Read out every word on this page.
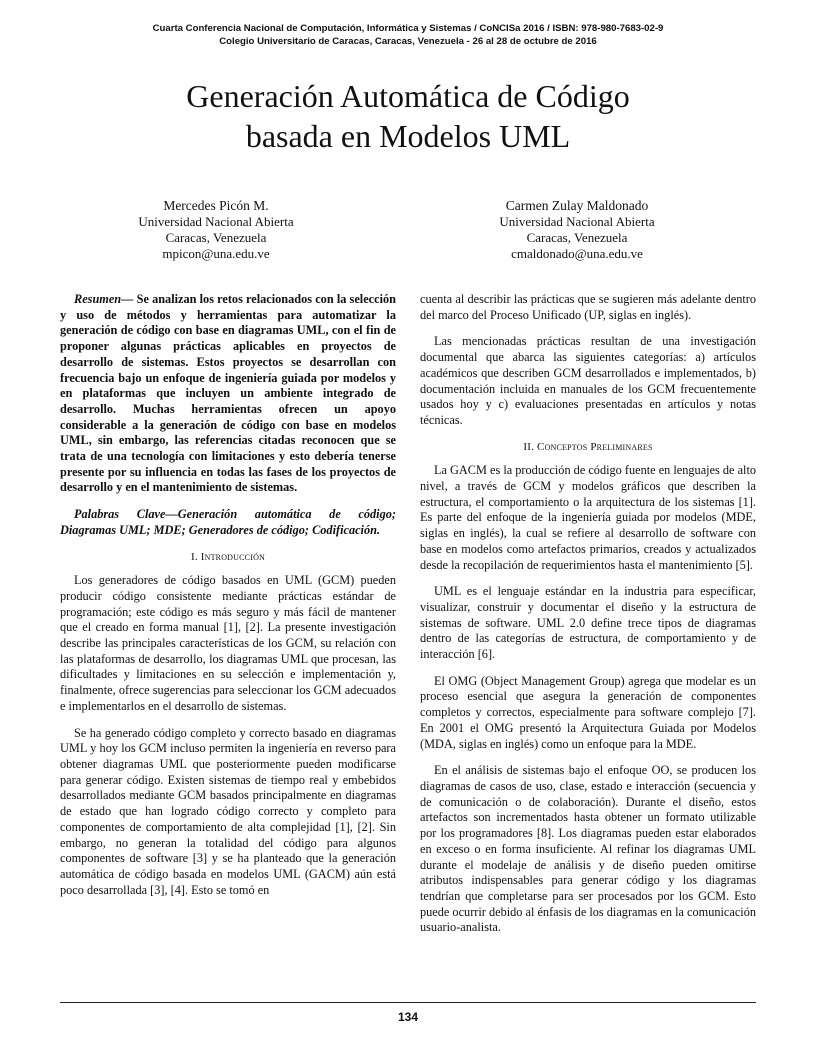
Cuarta Conferencia Nacional de Computación, Informática y Sistemas / CoNCISa 2016 / ISBN: 978-980-7683-02-9
Colegio Universitario de Caracas, Caracas, Venezuela - 26 al 28 de octubre de 2016
Generación Automática de Código
basada en Modelos UML
Mercedes Picón M.
Universidad Nacional Abierta
Caracas, Venezuela
mpicon@una.edu.ve
Carmen Zulay Maldonado
Universidad Nacional Abierta
Caracas, Venezuela
cmaldonado@una.edu.ve

Resumen— Se analizan los retos relacionados con la selección y uso de métodos y herramientas para automatizar la generación de código con base en diagramas UML, con el fin de proponer algunas prácticas aplicables en proyectos de desarrollo de sistemas. Estos proyectos se desarrollan con frecuencia bajo un enfoque de ingeniería guiada por modelos y en plataformas que incluyen un ambiente integrado de desarrollo. Muchas herramientas ofrecen un apoyo considerable a la generación de código con base en modelos UML, sin embargo, las referencias citadas reconocen que se trata de una tecnología con limitaciones y esto debería tenerse presente por su influencia en todas las fases de los proyectos de desarrollo y en el mantenimiento de sistemas.

Palabras Clave—Generación automática de código; Diagramas UML; MDE; Generadores de código; Codificación.

I. Introducción

Los generadores de código basados en UML (GCM) pueden producir código consistente mediante prácticas estándar de programación; este código es más seguro y más fácil de mantener que el creado en forma manual [1], [2]. La presente investigación describe las principales características de los GCM, su relación con las plataformas de desarrollo, los diagramas UML que procesan, las dificultades y limitaciones en su selección e implementación y, finalmente, ofrece sugerencias para seleccionar los GCM adecuados e implementarlos en el desarrollo de sistemas.

Se ha generado código completo y correcto basado en diagramas UML y hoy los GCM incluso permiten la ingeniería en reverso para obtener diagramas UML que posteriormente pueden modificarse para generar código. Existen sistemas de tiempo real y embebidos desarrollados mediante GCM basados principalmente en diagramas de estado que han logrado código correcto y completo para componentes de comportamiento de alta complejidad [1], [2]. Sin embargo, no generan la totalidad del código para algunos componentes de software [3] y se ha planteado que la generación automática de código basada en modelos UML (GACM) aún está poco desarrollada [3], [4]. Esto se tomó en

cuenta al describir las prácticas que se sugieren más adelante dentro del marco del Proceso Unificado (UP, siglas en inglés).

Las mencionadas prácticas resultan de una investigación documental que abarca las siguientes categorías: a) artículos académicos que describen GCM desarrollados e implementados, b) documentación incluida en manuales de los GCM frecuentemente usados hoy y c) evaluaciones presentadas en artículos y notas técnicas.

II. Conceptos Preliminares

La GACM es la producción de código fuente en lenguajes de alto nivel, a través de GCM y modelos gráficos que describen la estructura, el comportamiento o la arquitectura de los sistemas [1]. Es parte del enfoque de la ingeniería guiada por modelos (MDE, siglas en inglés), la cual se refiere al desarrollo de software con base en modelos como artefactos primarios, creados y actualizados desde la recopilación de requerimientos hasta el mantenimiento [5].

UML es el lenguaje estándar en la industria para especificar, visualizar, construir y documentar el diseño y la estructura de sistemas de software. UML 2.0 define trece tipos de diagramas dentro de las categorías de estructura, de comportamiento y de interacción [6].

El OMG (Object Management Group) agrega que modelar es un proceso esencial que asegura la generación de componentes completos y correctos, especialmente para software complejo [7]. En 2001 el OMG presentó la Arquitectura Guiada por Modelos (MDA, siglas en inglés) como un enfoque para la MDE.

En el análisis de sistemas bajo el enfoque OO, se producen los diagramas de casos de uso, clase, estado e interacción (secuencia y de comunicación o de colaboración). Durante el diseño, estos artefactos son incrementados hasta obtener un formato utilizable por los programadores [8]. Los diagramas pueden estar elaborados en exceso o en forma insuficiente. Al refinar los diagramas UML durante el modelaje de análisis y de diseño pueden omitirse atributos indispensables para generar código y los diagramas tendrían que completarse para ser procesados por los GCM. Esto puede ocurrir debido al énfasis de los diagramas en la comunicación usuario-analista.

134
